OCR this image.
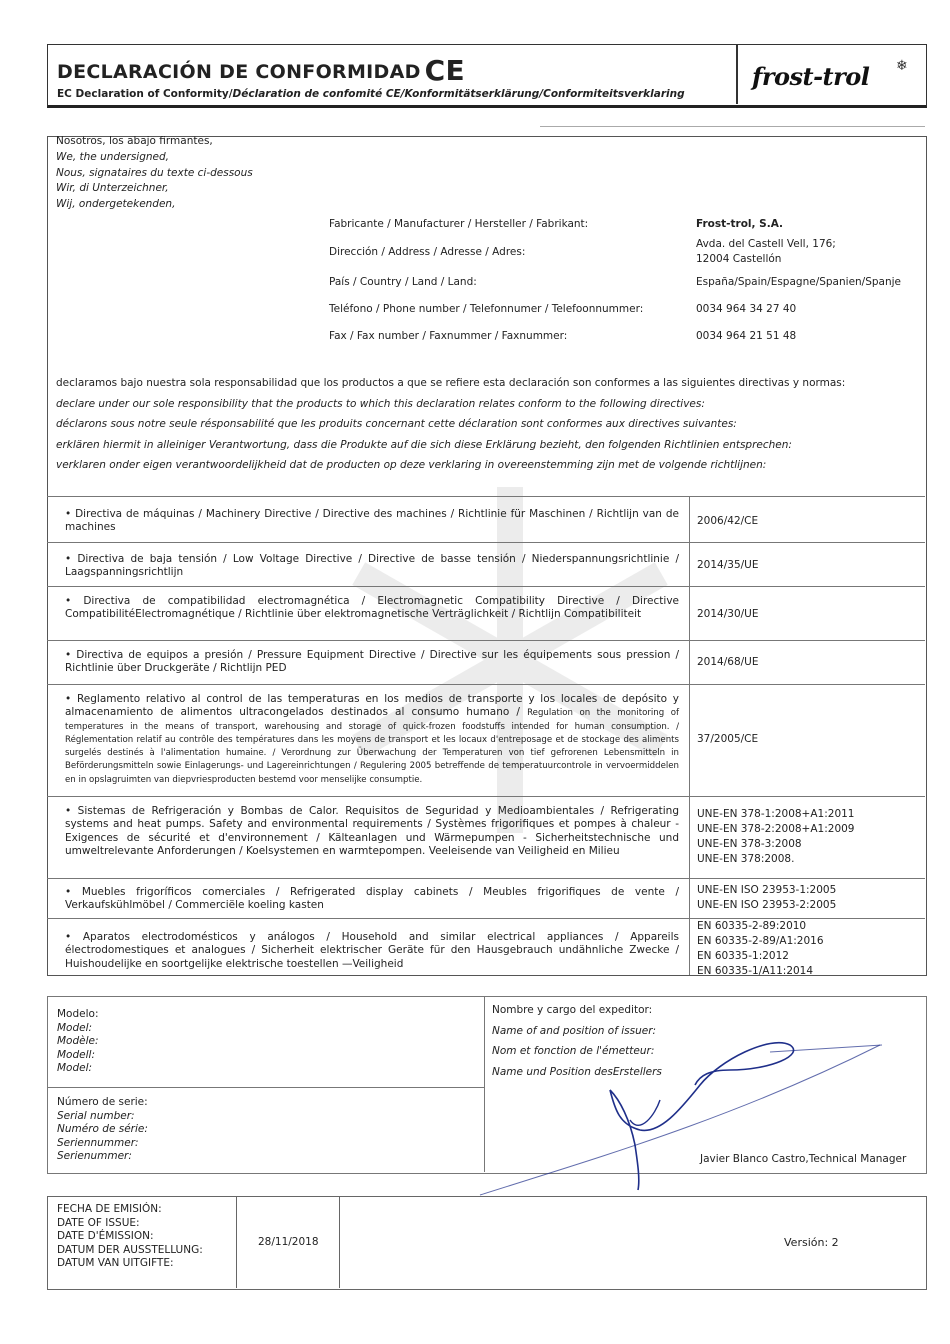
DECLARACIÓN DE CONFORMIDAD CE
EC Declaration of Conformity/Déclaration de confomité CE/Konformitätserklärung/Conformiteitsverklaring
frost-trol ❄
Nosotros, los abajo firmantes,
We, the undersigned,
Nous, signataires du texte ci-dessous
Wir, di Unterzeichner,
Wij, ondergetekenden,
Fabricante / Manufacturer / Hersteller / Fabrikant:	Frost-trol, S.A.
Dirección / Address / Adresse / Adres:
Avda. del Castell Vell, 176;
12004 Castellón
País / Country / Land / Land:	España/Spain/Espagne/Spanien/Spanje
Teléfono / Phone number / Telefonnumer / Telefoonnummer:	0034 964 34 27 40
Fax / Fax number / Faxnummer / Faxnummer:	0034 964 21 51 48
declaramos bajo nuestra sola responsabilidad que los productos a que se refiere esta declaración son conformes a las siguientes directivas y normas:
declare under our sole responsibility that the products to which this declaration relates conform to the following directives:
déclarons sous notre seule résponsabilité que les produits concernant cette déclaration sont conformes aux directives suivantes:
erklären hiermit in alleiniger Verantwortung, dass die Produkte auf die sich diese Erklärung bezieht, den folgenden Richtlinien entsprechen:
verklaren onder eigen verantwoordelijkheid dat de producten op deze verklaring in overeenstemming zijn met de volgende richtlijnen:
• Directiva de máquinas / Machinery Directive / Directive des machines / Richtlinie für Maschinen / Richtlijn van de machines
2006/42/CE
• Directiva de baja tensión / Low Voltage Directive / Directive de basse tensión / Niederspannungsrichtlinie / Laagspanningsrichtlijn
2014/35/UE
• Directiva de compatibilidad electromagnética / Electromagnetic Compatibility Directive / Directive CompatibilitéElectromagnétique / Richtlinie über elektromagnetische Verträglichkeit / Richtlijn Compatibiliteit	2014/30/UE
• Directiva de equipos a presión / Pressure Equipment Directive / Directive sur les équipements sous pression / Richtlinie über Druckgeräte / Richtlijn PED
2014/68/UE
• Reglamento relativo al control de las temperaturas en los medios de transporte y los locales de depósito y almacenamiento de alimentos ultracongelados destinados al consumo humano / Regulation on the monitoring of temperatures in the means of transport, warehousing and storage of quick-frozen foodstuffs intended for human consumption. / Réglementation relatif au contrôle des températures dans les moyens de transport et les locaux d'entreposage et de stockage des aliments surgelés destinés à l'alimentation humaine. / Verordnung zur Überwachung der Temperaturen von tief gefrorenen Lebensmitteln in Beförderungsmitteln sowie Einlagerungs- und Lagereinrichtungen / Regulering 2005 betreffende de temperatuurcontrole in vervoermiddelen en in opslagruimten van diepvriesproducten bestemd voor menselijke consumptie.
37/2005/CE
• Sistemas de Refrigeración y Bombas de Calor. Requisitos de Seguridad y Medioambientales / Refrigerating systems and heat pumps. Safety and environmental requirements / Systèmes frigorifiques et pompes à chaleur - Exigences de sécurité et d'environnement / Kälteanlagen und Wärmepumpen - Sicherheitstechnische und umweltrelevante Anforderungen / Koelsystemen en warmtepompen. Veeleisende van Veiligheid en Milieu
UNE-EN 378-1:2008+A1:2011
UNE-EN 378-2:2008+A1:2009
UNE-EN 378-3:2008
UNE-EN 378:2008.
• Muebles frigoríficos comerciales / Refrigerated display cabinets / Meubles frigorifiques de vente / Verkaufskühlmöbel / Commerciële koeling kasten
UNE-EN ISO 23953-1:2005
UNE-EN ISO 23953-2:2005
• Aparatos electrodomésticos y análogos / Household and similar electrical appliances / Appareils électrodomestiques et analogues / Sicherheit elektrischer Geräte für den Hausgebrauch undähnliche Zwecke / Huishoudelijke en soortgelijke elektrische toestellen —Veiligheid
EN 60335-2-89:2010
EN 60335-2-89/A1:2016
EN 60335-1:2012
EN 60335-1/A11:2014
Modelo:
Model:
Modèle:
Modell:
Model:
Número de serie:
Serial number:
Numéro de série:
Seriennummer:
Serienummer:
Nombre y cargo del expeditor:
Name of and position of issuer:
Nom et fonction de l'émetteur:
Name und Position desErstellers
Javier Blanco Castro,Technical Manager
FECHA DE EMISIÓN:
DATE OF ISSUE:
DATE D'ÉMISSION:
DATUM DER AUSSTELLUNG:
DATUM VAN UITGIFTE:
28/11/2018	Versión: 2
